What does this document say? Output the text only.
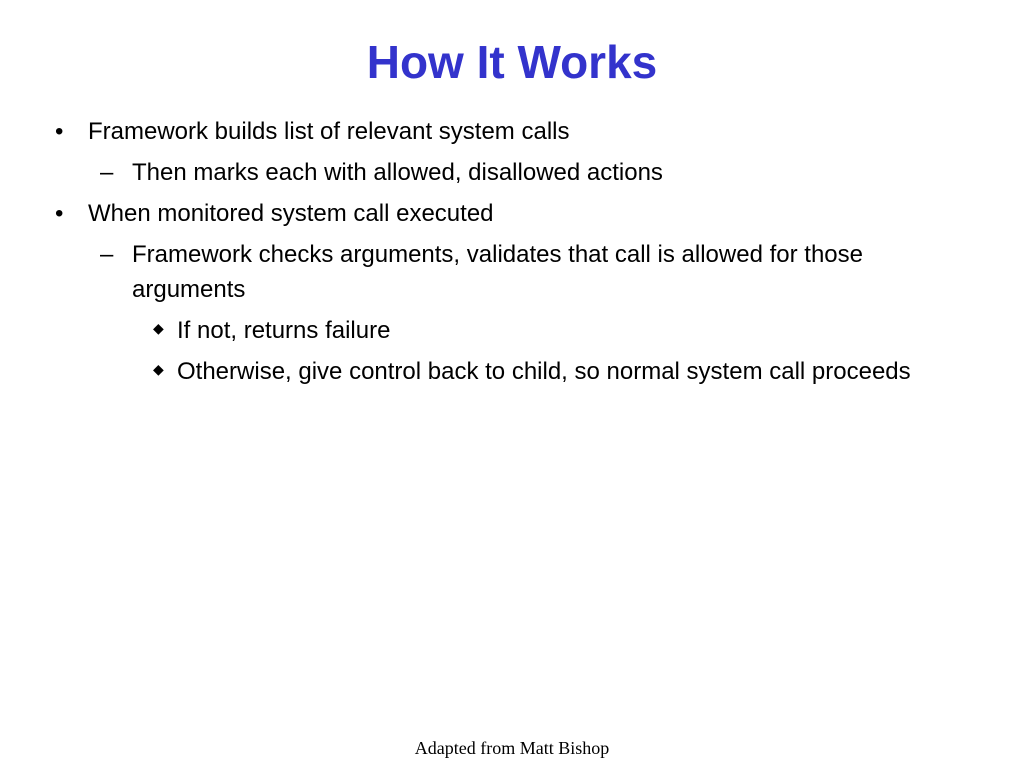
How It Works
• Framework builds list of relevant system calls
– Then marks each with allowed, disallowed actions
• When monitored system call executed
– Framework checks arguments, validates that call is allowed for those arguments
◆ If not, returns failure
◆ Otherwise, give control back to child, so normal system call proceeds
Adapted from Matt Bishop
